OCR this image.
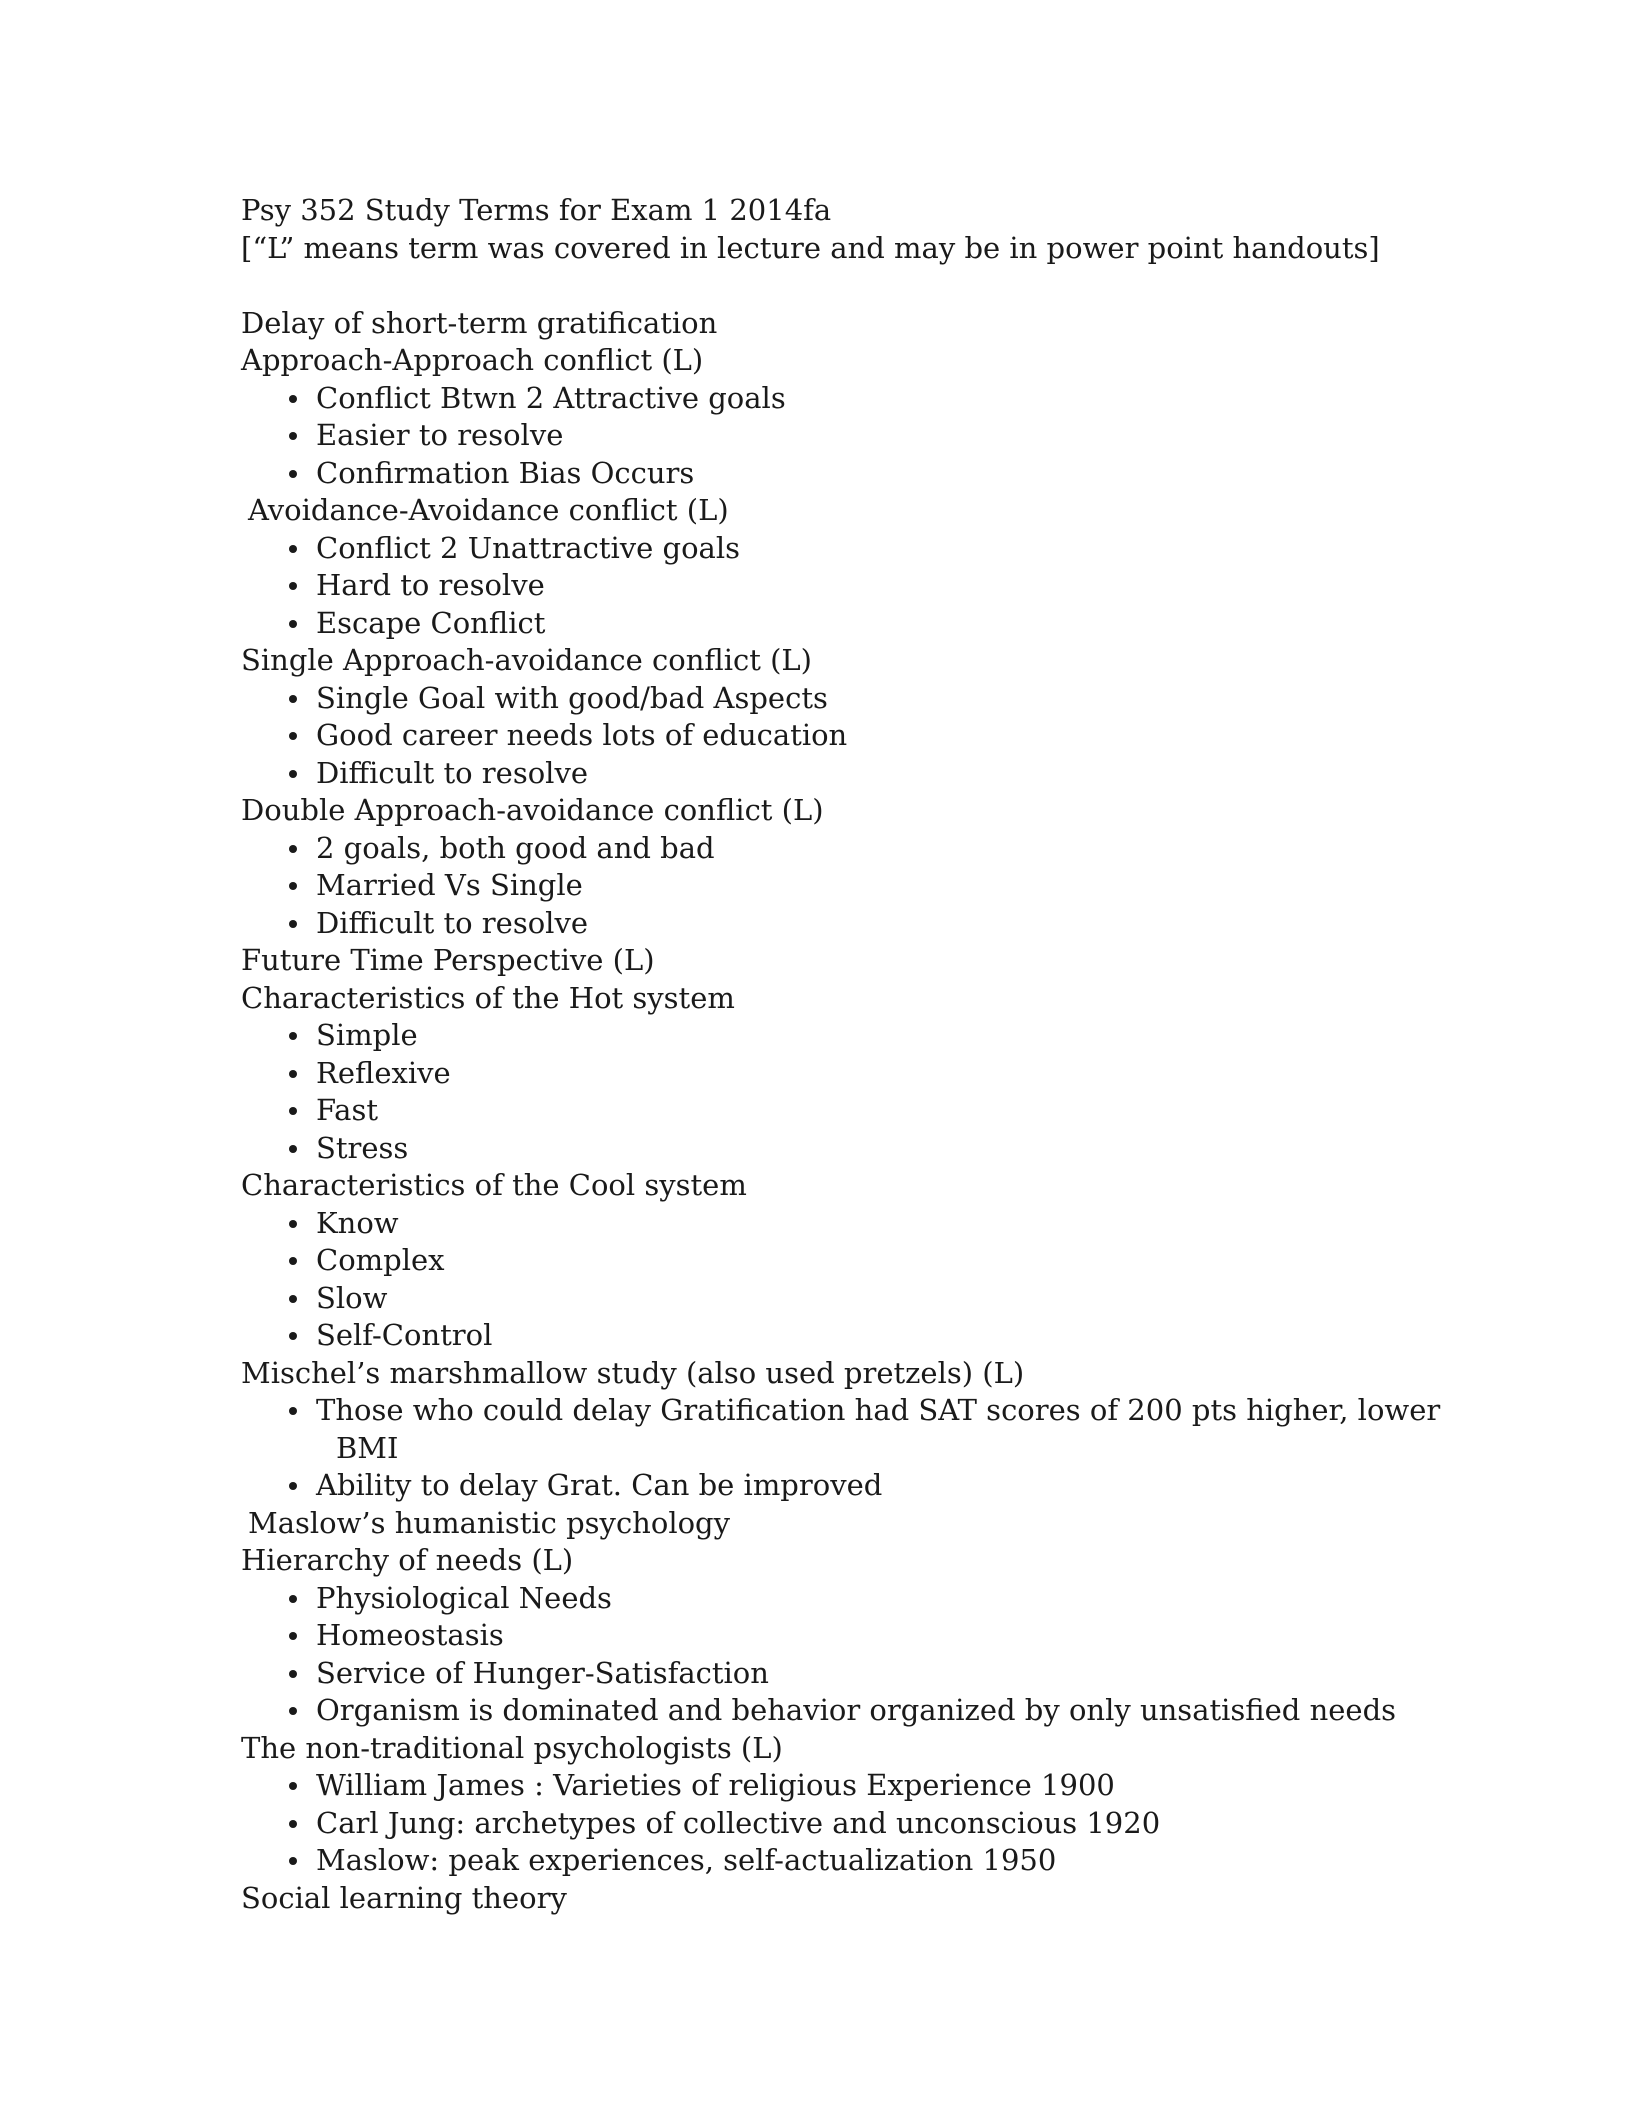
Psy 352 Study Terms for Exam 1 2014fa

[“L” means term was covered in lecture and may be in power point handouts]

Delay of short-term gratification

Approach-Approach conflict (L)

Conflict Btwn 2 Attractive goals
Easier to resolve
Confirmation Bias Occurs

Avoidance-Avoidance conflict (L)

Conflict 2 Unattractive goals
Hard to resolve
Escape Conflict

Single Approach-avoidance conflict (L)

Single Goal with good/bad Aspects
Good career needs lots of education
Difficult to resolve

Double Approach-avoidance conflict (L)

2 goals, both good and bad
Married Vs Single
Difficult to resolve

Future Time Perspective (L)

Characteristics of the Hot system

Simple
Reflexive
Fast
Stress

Characteristics of the Cool system

Know
Complex
Slow
Self-Control

Mischel’s marshmallow study (also used pretzels) (L)

Those who could delay Gratification had SAT scores of 200 pts higher, lower
BMI
Ability to delay Grat. Can be improved

Maslow’s humanistic psychology

Hierarchy of needs (L)

Physiological Needs
Homeostasis
Service of Hunger-Satisfaction
Organism is dominated and behavior organized by only unsatisfied needs

The non-traditional psychologists (L)

William James : Varieties of religious Experience 1900
Carl Jung: archetypes of collective and unconscious 1920
Maslow: peak experiences, self-actualization 1950

Social learning theory
